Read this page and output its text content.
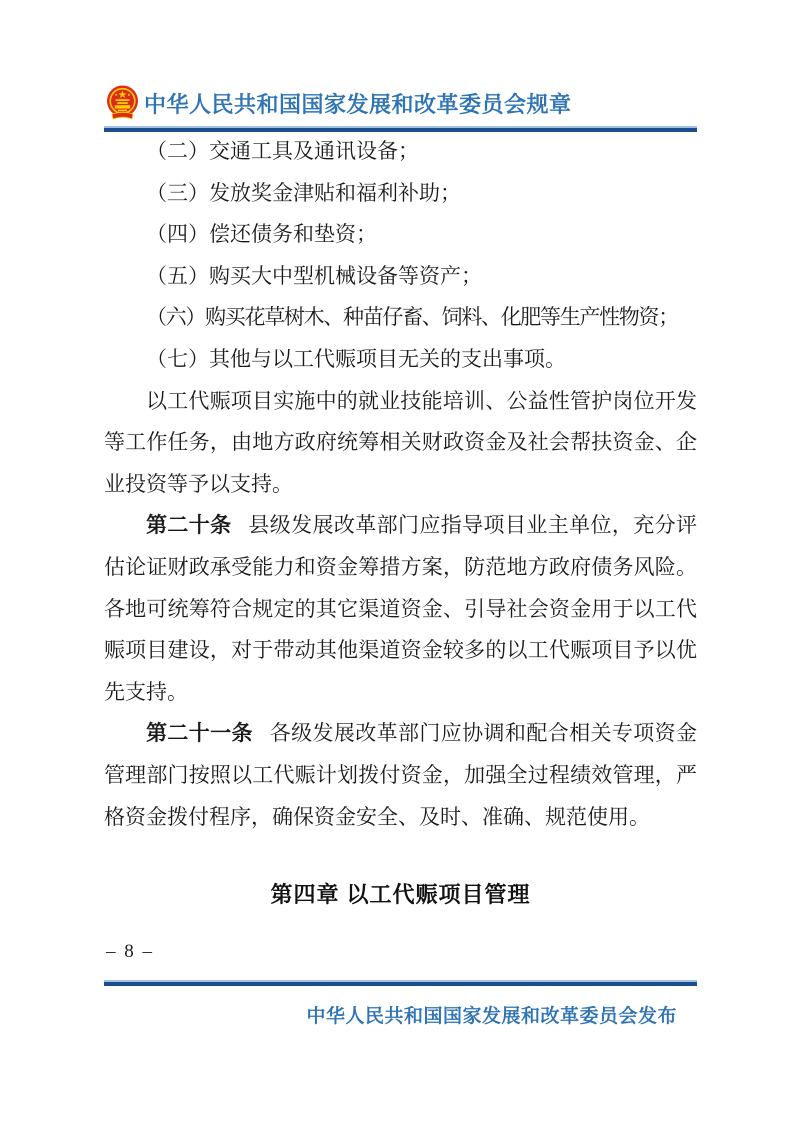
中华人民共和国国家发展和改革委员会规章

（二）交通工具及通讯设备；

（三）发放奖金津贴和福利补助；

（四）偿还债务和垫资；

（五）购买大中型机械设备等资产；

（六）购买花草树木、种苗仔畜、饲料、化肥等生产性物资；

（七）其他与以工代赈项目无关的支出事项。

以工代赈项目实施中的就业技能培训、公益性管护岗位开发等工作任务，由地方政府统筹相关财政资金及社会帮扶资金、企业投资等予以支持。

第二十条 县级发展改革部门应指导项目业主单位，充分评估论证财政承受能力和资金筹措方案，防范地方政府债务风险。各地可统筹符合规定的其它渠道资金、引导社会资金用于以工代赈项目建设，对于带动其他渠道资金较多的以工代赈项目予以优先支持。

第二十一条 各级发展改革部门应协调和配合相关专项资金管理部门按照以工代赈计划拨付资金，加强全过程绩效管理，严格资金拨付程序，确保资金安全、及时、准确、规范使用。

第四章 以工代赈项目管理
– 8 –
中华人民共和国国家发展和改革委员会发布
